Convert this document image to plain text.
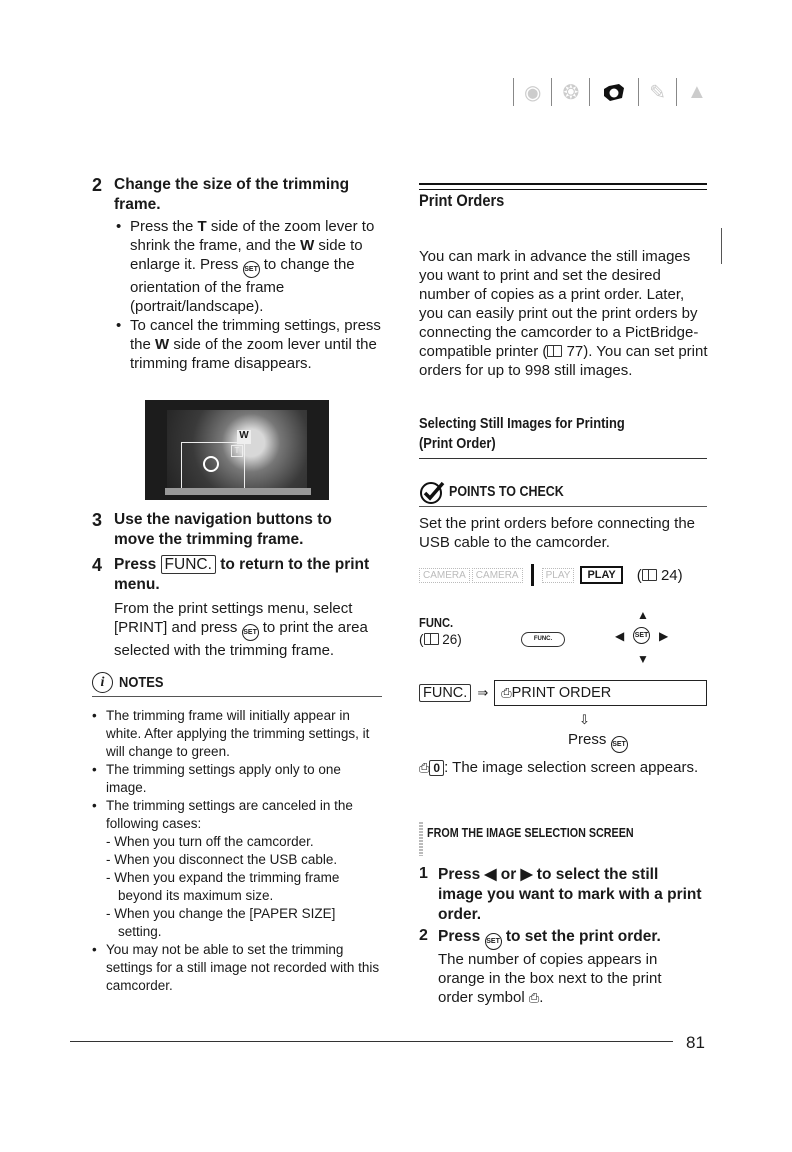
◉ ❂	✎ ▲
2 Change the size of the trimming
frame.
• Press the T side of the zoom lever to shrink the frame, and the W side to enlarge it. Press SET to change the orientation of the frame (portrait/landscape).
• To cancel the trimming settings, press the W side of the zoom lever until the trimming frame disappears.
W
T
3 Use the navigation buttons to move the trimming frame.
4 Press FUNC. to return to the print menu.
From the print settings menu, select [PRINT] and press SET to print the area selected with the trimming frame.
i NOTES
• The trimming frame will initially appear in white. After applying the trimming settings, it will change to green.
• The trimming settings apply only to one image.
• The trimming settings are canceled in the following cases:
- When you turn off the camcorder.
- When you disconnect the USB cable.
- When you expand the trimming frame beyond its maximum size.
- When you change the [PAPER SIZE] setting.
• You may not be able to set the trimming settings for a still image not recorded with this camcorder.
Print Orders
You can mark in advance the still images you want to print and set the desired number of copies as a print order. Later, you can easily print out the print orders by connecting the camcorder to a PictBridge-compatible printer ( 77). You can set print orders for up to 998 still images.
Selecting Still Images for Printing
(Print Order)
POINTS TO CHECK
Set the print orders before connecting the USB cable to the camcorder.
CAMERA	CAMERA	PLAY	PLAY	( 24)
FUNC.
( 26)	FUNC.
▲
▼
◀	▶
SET
FUNC. ⇒ ⎙ PRINT ORDER
⇩
Press SET
⎙ 0 : The image selection screen appears.
FROM THE IMAGE SELECTION SCREEN
1 Press ◀ or ▶ to select the still image you want to mark with a print order.
2 Press SET to set the print order.
The number of copies appears in orange in the box next to the print order symbol ⎙.
81
